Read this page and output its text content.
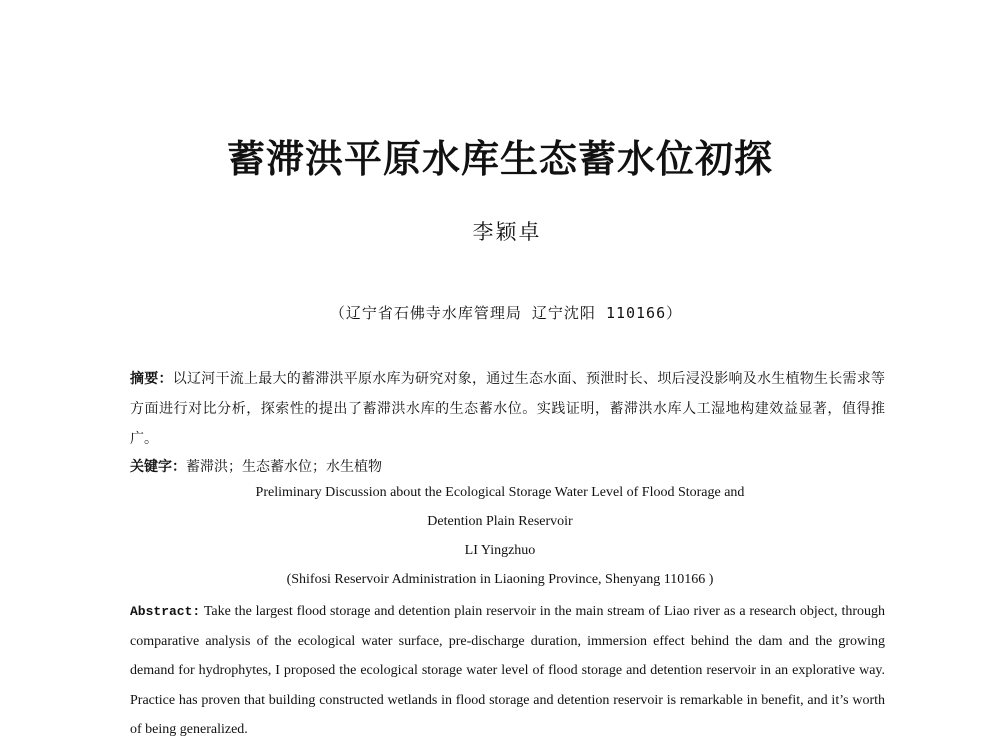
蓄滞洪平原水库生态蓄水位初探
李颖卓
（辽宁省石佛寺水库管理局 辽宁沈阳 110166）
摘要：以辽河干流上最大的蓄滞洪平原水库为研究对象，通过生态水面、预泄时长、坝后浸没影响及水生植物生长需求等方面进行对比分析，探索性的提出了蓄滞洪水库的生态蓄水位。实践证明，蓄滞洪水库人工湿地构建效益显著，值得推广。
关键字：蓄滞洪；生态蓄水位；水生植物
Preliminary Discussion about the Ecological Storage Water Level of Flood Storage and
Detention Plain Reservoir
LI Yingzhuo
(Shifosi Reservoir Administration in Liaoning Province, Shenyang 110166 )
Abstract: Take the largest flood storage and detention plain reservoir in the main stream of Liao river as a research object, through comparative analysis of the ecological water surface, pre-discharge duration, immersion effect behind the dam and the growing demand for hydrophytes, I proposed the ecological storage water level of flood storage and detention reservoir in an explorative way. Practice has proven that building constructed wetlands in flood storage and detention reservoir is remarkable in benefit, and it’s worth of being generalized.
